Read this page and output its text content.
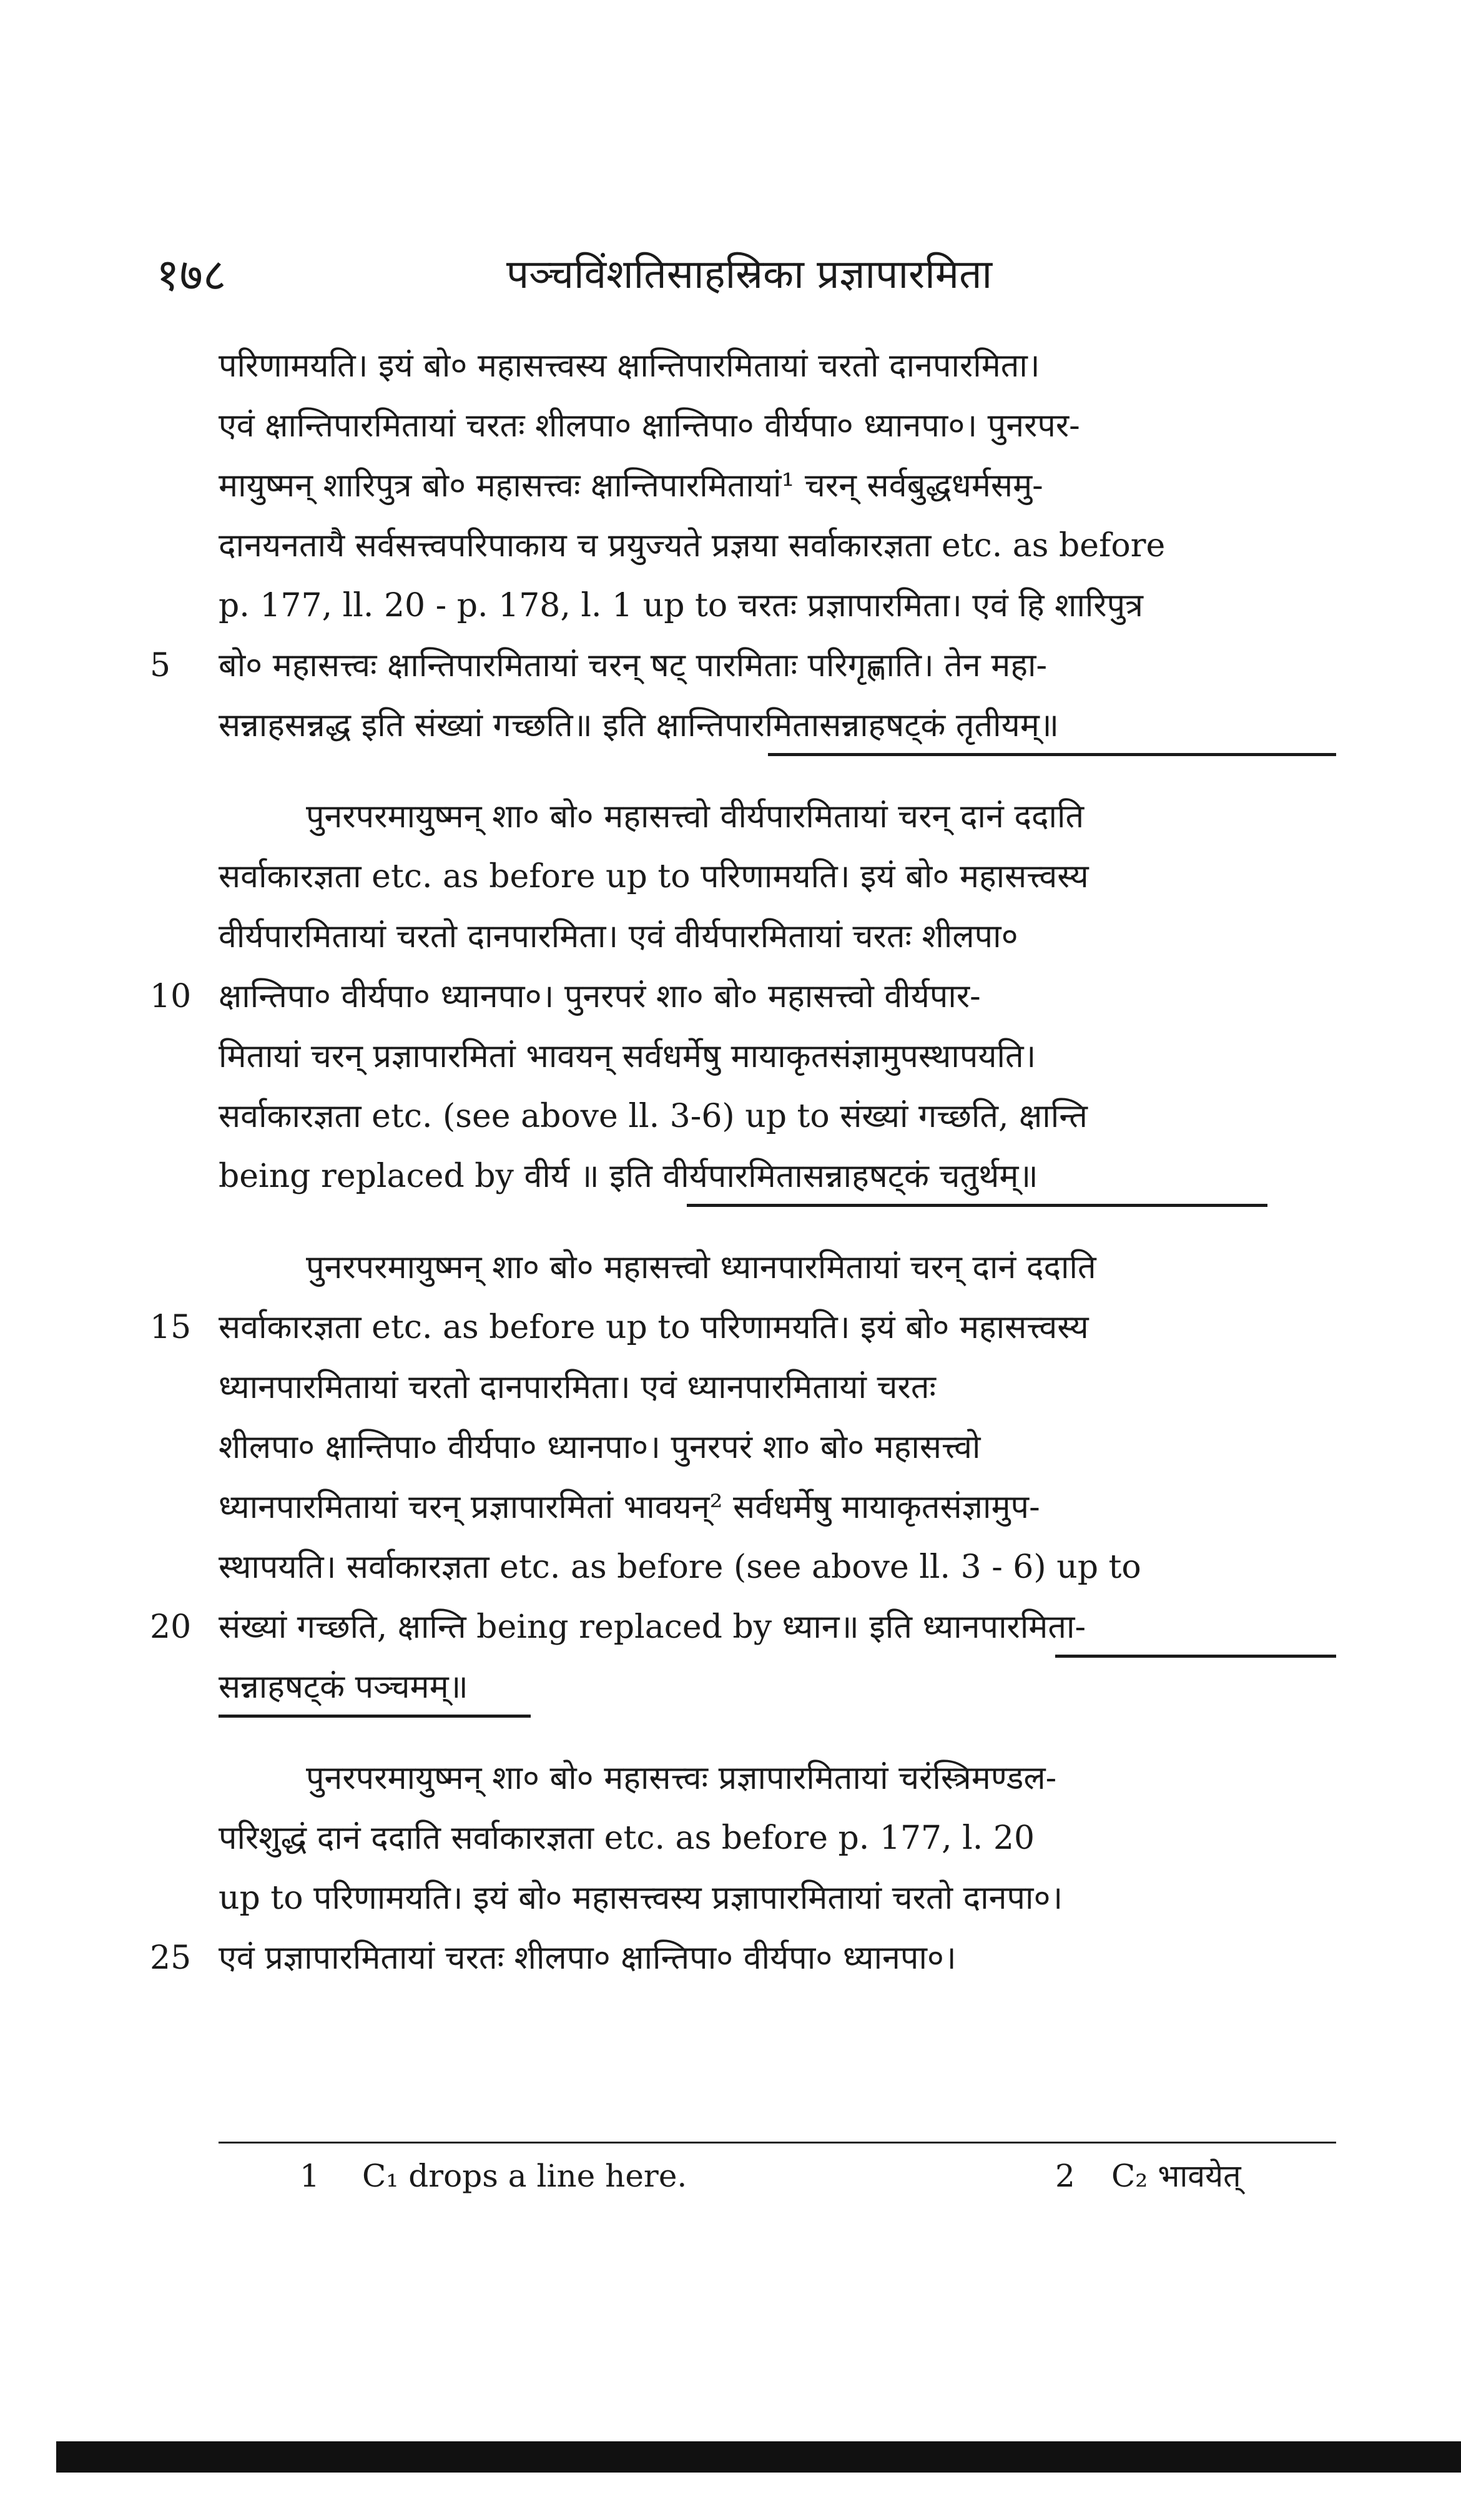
१७८	पञ्चविंशतिसाहस्रिका प्रज्ञापारमिता
परिणामयति। इयं बो० महासत्त्वस्य क्षान्तिपारमितायां चरतो दानपारमिता।
एवं क्षान्तिपारमितायां चरतः शीलपा० क्षान्तिपा० वीर्यपा० ध्यानपा०। पुनरपर-
मायुष्मन् शारिपुत्र बो० महासत्त्वः क्षान्तिपारमितायां¹ चरन् सर्वबुद्धधर्मसमु-
दानयनतायै सर्वसत्त्वपरिपाकाय च प्रयुज्यते प्रज्ञया सर्वाकारज्ञता etc. as before
p. 177, ll. 20 - p. 178, l. 1 up to चरतः प्रज्ञापारमिता। एवं हि शारिपुत्र
5	बो० महासत्त्वः क्षान्तिपारमितायां चरन् षट् पारमिताः परिगृह्णाति। तेन महा-
सन्नाहसन्नद्ध इति संख्यां गच्छति॥ इति क्षान्तिपारमितासन्नाहषट्कं तृतीयम्॥
पुनरपरमायुष्मन् शा० बो० महासत्त्वो वीर्यपारमितायां चरन् दानं ददाति
सर्वाकारज्ञता etc. as before up to परिणामयति। इयं बो० महासत्त्वस्य
वीर्यपारमितायां चरतो दानपारमिता। एवं वीर्यपारमितायां चरतः शीलपा०
10 क्षान्तिपा० वीर्यपा० ध्यानपा०। पुनरपरं शा० बो० महासत्त्वो वीर्यपार-
मितायां चरन् प्रज्ञापारमितां भावयन् सर्वधर्मेषु मायाकृतसंज्ञामुपस्थापयति।
सर्वाकारज्ञता etc. (see above ll. 3-6) up to संख्यां गच्छति, क्षान्ति
being replaced by वीर्य ॥ इति वीर्यपारमितासन्नाहषट्कं चतुर्थम्॥
पुनरपरमायुष्मन् शा० बो० महासत्त्वो ध्यानपारमितायां चरन् दानं ददाति
15 सर्वाकारज्ञता etc. as before up to परिणामयति। इयं बो० महासत्त्वस्य
ध्यानपारमितायां चरतो दानपारमिता। एवं ध्यानपारमितायां चरतः
शीलपा० क्षान्तिपा० वीर्यपा० ध्यानपा०। पुनरपरं शा० बो० महासत्त्वो
ध्यानपारमितायां चरन् प्रज्ञापारमितां भावयन्² सर्वधर्मेषु मायाकृतसंज्ञामुप-
स्थापयति। सर्वाकारज्ञता etc. as before (see above ll. 3 - 6) up to
20 संख्यां गच्छति, क्षान्ति being replaced by ध्यान॥ इति ध्यानपारमिता-
सन्नाहषट्कं पञ्चमम्॥
पुनरपरमायुष्मन् शा० बो० महासत्त्वः प्रज्ञापारमितायां चरंस्त्रिमण्डल-
परिशुद्धं दानं ददाति सर्वाकारज्ञता etc. as before p. 177, l. 20
up to परिणामयति। इयं बो० महासत्त्वस्य प्रज्ञापारमितायां चरतो दानपा०।
25 एवं प्रज्ञापारमितायां चरतः शीलपा० क्षान्तिपा० वीर्यपा० ध्यानपा०।
1 C₁ drops a line here.	2 C₂ भावयेत्
